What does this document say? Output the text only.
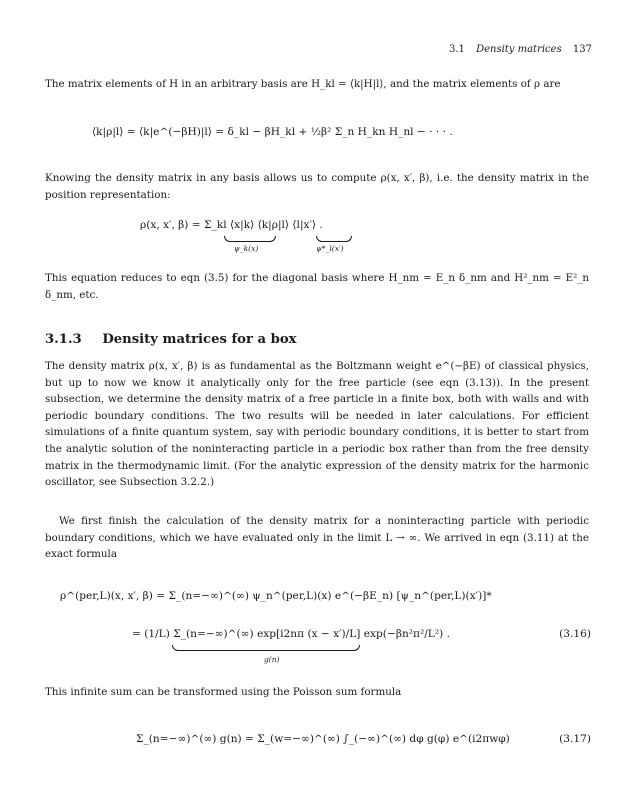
3.1 Density matrices 137
The matrix elements of H in an arbitrary basis are H_kl = ⟨k|H|l⟩, and the matrix elements of ρ are
⟨k|ρ|l⟩ = ⟨k|e^(−βH)|l⟩ = δ_kl − βH_kl + ½β² Σ_n H_kn H_nl − · · · .
Knowing the density matrix in any basis allows us to compute ρ(x, x′, β), i.e. the density matrix in the position representation:
ρ(x, x′, β) = Σ_kl ⟨x|k⟩ ⟨k|ρ|l⟩ ⟨l|x′⟩ .
ψ_k(x)	ψ*_l(x′)
This equation reduces to eqn (3.5) for the diagonal basis where H_nm = E_n δ_nm and H²_nm = E²_n δ_nm, etc.
3.1.3 Density matrices for a box
The density matrix ρ(x, x′, β) is as fundamental as the Boltzmann weight e^(−βE) of classical physics, but up to now we know it analytically only for the free particle (see eqn (3.13)). In the present subsection, we determine the density matrix of a free particle in a finite box, both with walls and with periodic boundary conditions. The two results will be needed in later calculations. For efficient simulations of a finite quantum system, say with periodic boundary conditions, it is better to start from the analytic solution of the noninteracting particle in a periodic box rather than from the free density matrix in the thermodynamic limit. (For the analytic expression of the density matrix for the harmonic oscillator, see Subsection 3.2.2.)
We first finish the calculation of the density matrix for a noninteracting particle with periodic boundary conditions, which we have evaluated only in the limit L → ∞. We arrived in eqn (3.11) at the exact formula
ρ^(per,L)(x, x′, β) = Σ_(n=−∞)^(∞) ψ_n^(per,L)(x) e^(−βE_n) [ψ_n^(per,L)(x′)]*
= (1/L) Σ_(n=−∞)^(∞) exp[i2nπ (x − x′)/L] exp(−βn²π²/L²) .
g(n)
(3.16)
This infinite sum can be transformed using the Poisson sum formula
Σ_(n=−∞)^(∞) g(n) = Σ_(w=−∞)^(∞) ∫_(−∞)^(∞) dφ g(φ) e^(i2πwφ)	(3.17)
